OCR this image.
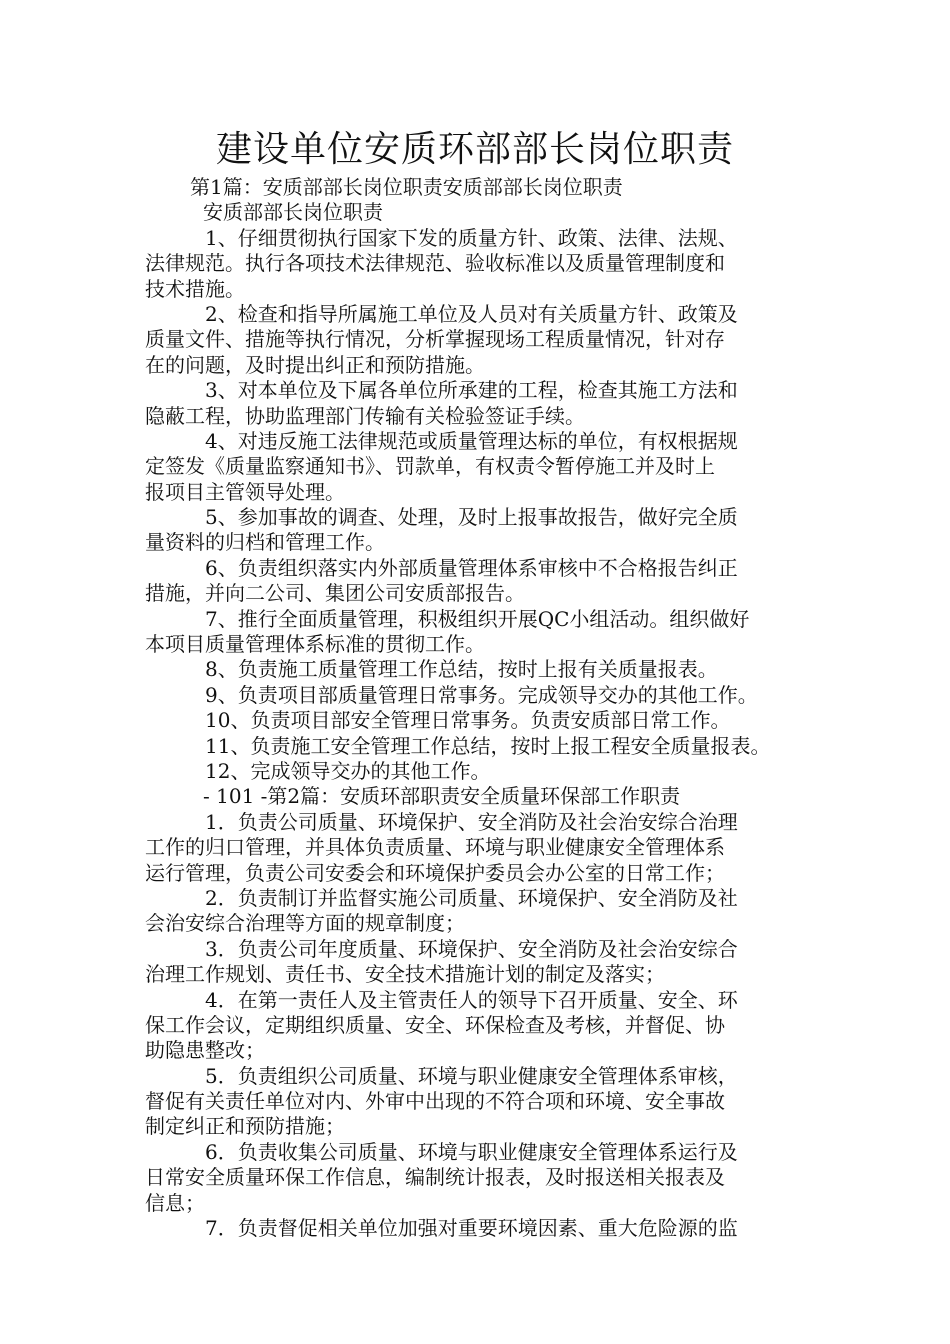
建设单位安质环部部长岗位职责
第1篇：安质部部长岗位职责安质部部长岗位职责
安质部部长岗位职责
1、仔细贯彻执行国家下发的质量方针、政策、法律、法规、
法律规范。执行各项技术法律规范、验收标准以及质量管理制度和
技术措施。
2、检查和指导所属施工单位及人员对有关质量方针、政策及
质量文件、措施等执行情况，分析掌握现场工程质量情况，针对存
在的问题，及时提出纠正和预防措施。
3、对本单位及下属各单位所承建的工程，检查其施工方法和
隐蔽工程，协助监理部门传输有关检验签证手续。
4、对违反施工法律规范或质量管理达标的单位，有权根据规
定签发《质量监察通知书》、罚款单，有权责令暂停施工并及时上
报项目主管领导处理。
5、参加事故的调查、处理，及时上报事故报告，做好完全质
量资料的归档和管理工作。
6、负责组织落实内外部质量管理体系审核中不合格报告纠正
措施，并向二公司、集团公司安质部报告。
7、推行全面质量管理，积极组织开展QC小组活动。组织做好
本项目质量管理体系标准的贯彻工作。
8、负责施工质量管理工作总结，按时上报有关质量报表。
9、负责项目部质量管理日常事务。完成领导交办的其他工作。
10、负责项目部安全管理日常事务。负责安质部日常工作。
11、负责施工安全管理工作总结，按时上报工程安全质量报表。
12、完成领导交办的其他工作。
- 101 -第2篇：安质环部职责安全质量环保部工作职责
1．负责公司质量、环境保护、安全消防及社会治安综合治理
工作的归口管理，并具体负责质量、环境与职业健康安全管理体系
运行管理，负责公司安委会和环境保护委员会办公室的日常工作；
2．负责制订并监督实施公司质量、环境保护、安全消防及社
会治安综合治理等方面的规章制度；
3．负责公司年度质量、环境保护、安全消防及社会治安综合
治理工作规划、责任书、安全技术措施计划的制定及落实；
4．在第一责任人及主管责任人的领导下召开质量、安全、环
保工作会议，定期组织质量、安全、环保检查及考核，并督促、协
助隐患整改；
5．负责组织公司质量、环境与职业健康安全管理体系审核，
督促有关责任单位对内、外审中出现的不符合项和环境、安全事故
制定纠正和预防措施；
6．负责收集公司质量、环境与职业健康安全管理体系运行及
日常安全质量环保工作信息，编制统计报表，及时报送相关报表及
信息；
7．负责督促相关单位加强对重要环境因素、重大危险源的监
